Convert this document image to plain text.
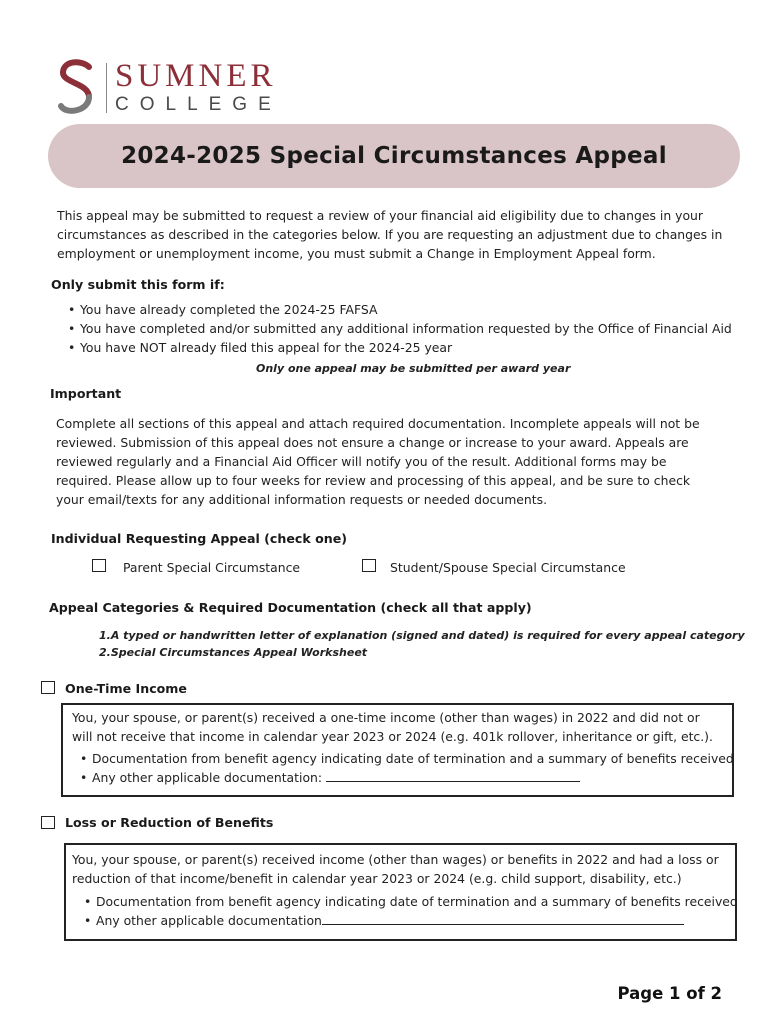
SUMNER
COLLEGE
2024-2025 Special Circumstances Appeal
This appeal may be submitted to request a review of your financial aid eligibility due to changes in your
circumstances as described in the categories below. If you are requesting an adjustment due to changes in
employment or unemployment income, you must submit a Change in Employment Appeal form.
Only submit this form if:
• You have already completed the 2024-25 FAFSA
• You have completed and/or submitted any additional information requested by the Office of Financial Aid
• You have NOT already filed this appeal for the 2024-25 year
Only one appeal may be submitted per award year
Important
Complete all sections of this appeal and attach required documentation. Incomplete appeals will not be
reviewed. Submission of this appeal does not ensure a change or increase to your award. Appeals are
reviewed regularly and a Financial Aid Officer will notify you of the result. Additional forms may be
required. Please allow up to four weeks for review and processing of this appeal, and be sure to check
your email/texts for any additional information requests or needed documents.
Individual Requesting Appeal (check one)
Parent Special Circumstance	Student/Spouse Special Circumstance
Appeal Categories & Required Documentation (check all that apply)
1.A typed or handwritten letter of explanation (signed and dated) is required for every appeal category
2.Special Circumstances Appeal Worksheet
One-Time Income
You, your spouse, or parent(s) received a one-time income (other than wages) in 2022 and did not or
will not receive that income in calendar year 2023 or 2024 (e.g. 401k rollover, inheritance or gift, etc.).
• Documentation from benefit agency indicating date of termination and a summary of benefits received
• Any other applicable documentation:
Loss or Reduction of Benefits
You, your spouse, or parent(s) received income (other than wages) or benefits in 2022 and had a loss or
reduction of that income/benefit in calendar year 2023 or 2024 (e.g. child support, disability, etc.)
• Documentation from benefit agency indicating date of termination and a summary of benefits received
• Any other applicable documentation
Page 1 of 2
